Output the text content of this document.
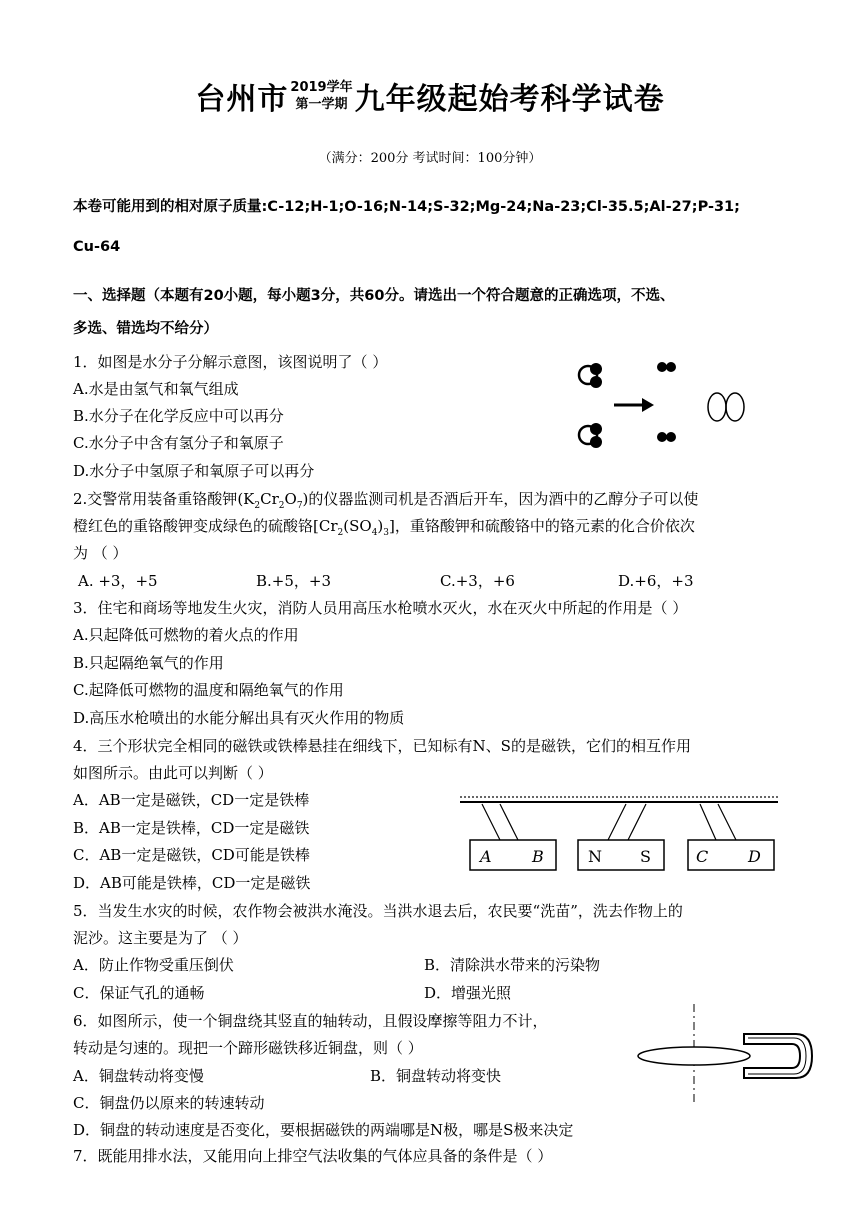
台州市 2019学年
第一学期 九年级起始考科学试卷
（满分：200分 考试时间：100分钟）
本卷可能用到的相对原子质量:C-12;H-1;O-16;N-14;S-32;Mg-24;Na-23;Cl-35.5;Al-27;P-31;
Cu-64
一、选择题（本题有20小题，每小题3分，共60分。请选出一个符合题意的正确选项，不选、
多选、错选均不给分）
1．如图是水分子分解示意图，该图说明了（ ）
A.水是由氢气和氧气组成
B.水分子在化学反应中可以再分
C.水分子中含有氢分子和氧原子
D.水分子中氢原子和氧原子可以再分
2.交警常用装备重铬酸钾$(K_2Cr_2O_7)$的仪器监测司机是否酒后开车，因为酒中的乙醇分子可以使
橙红色的重铬酸钾变成绿色的硫酸铬$[Cr_2(SO_4)_3]$，重铬酸钾和硫酸铬中的铬元素的化合价依次
为 （ ）
A. +3，+5	B.+5，+3	C.+3，+6	D.+6，+3
3．住宅和商场等地发生火灾，消防人员用高压水枪喷水灭火，水在灭火中所起的作用是（ ）
A.只起降低可燃物的着火点的作用
B.只起隔绝氧气的作用
C.起降低可燃物的温度和隔绝氧气的作用
D.高压水枪喷出的水能分解出具有灭火作用的物质
4．三个形状完全相同的磁铁或铁棒悬挂在细线下，已知标有N、S的是磁铁，它们的相互作用
如图所示。由此可以判断（ ）
A．AB一定是磁铁，CD一定是铁棒
B．AB一定是铁棒，CD一定是磁铁
C．AB一定是磁铁，CD可能是铁棒
D．AB可能是铁棒，CD一定是磁铁
A	B	N S	C D
5．当发生水灾的时候，农作物会被洪水淹没。当洪水退去后，农民要“洗苗”，洗去作物上的
泥沙。这主要是为了 （ ）
A．防止作物受重压倒伏	B．清除洪水带来的污染物
C．保证气孔的通畅	D．增强光照
6．如图所示，使一个铜盘绕其竖直的轴转动，且假设摩擦等阻力不计，
转动是匀速的。现把一个蹄形磁铁移近铜盘，则（ ）
A．铜盘转动将变慢	B．铜盘转动将变快
C．铜盘仍以原来的转速转动
D．铜盘的转动速度是否变化，要根据磁铁的两端哪是N极，哪是S极来决定
7．既能用排水法，又能用向上排空气法收集的气体应具备的条件是（ ）
